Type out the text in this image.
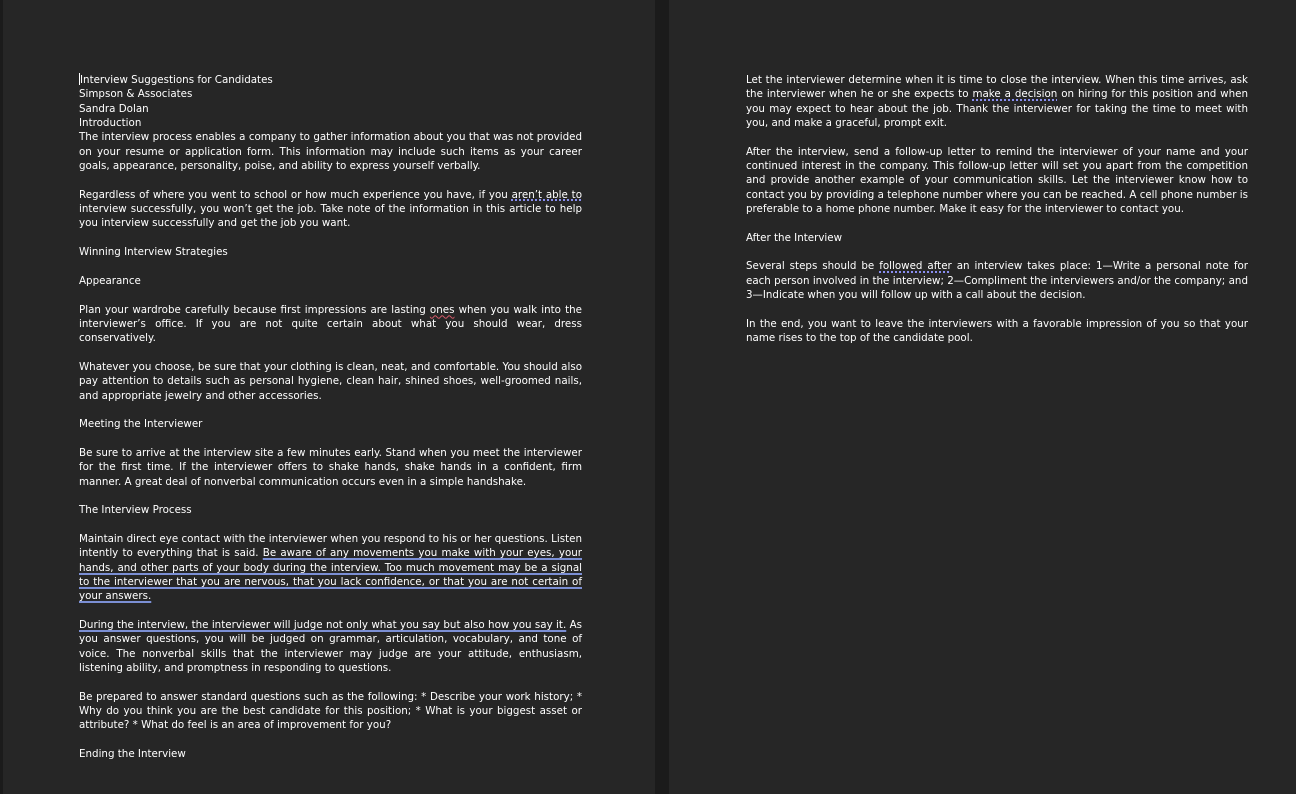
Interview Suggestions for Candidates

Simpson & Associates

Sandra Dolan

Introduction

The interview process enables a company to gather information about you that was not provided on your resume or application form. This information may include such items as your career goals, appearance, personality, poise, and ability to express yourself verbally.

Regardless of where you went to school or how much experience you have, if you aren’t able to interview successfully, you won’t get the job. Take note of the information in this article to help you interview successfully and get the job you want.

Winning Interview Strategies

Appearance

Plan your wardrobe carefully because first impressions are lasting ones when you walk into the interviewer’s office. If you are not quite certain about what you should wear, dress conservatively.

Whatever you choose, be sure that your clothing is clean, neat, and comfortable. You should also pay attention to details such as personal hygiene, clean hair, shined shoes, well-groomed nails, and appropriate jewelry and other accessories.

Meeting the Interviewer

Be sure to arrive at the interview site a few minutes early. Stand when you meet the interviewer for the first time. If the interviewer offers to shake hands, shake hands in a confident, firm manner. A great deal of nonverbal communication occurs even in a simple handshake.

The Interview Process

Maintain direct eye contact with the interviewer when you respond to his or her questions. Listen intently to everything that is said. Be aware of any movements you make with your eyes, your hands, and other parts of your body during the interview. Too much movement may be a signal to the interviewer that you are nervous, that you lack confidence, or that you are not certain of your answers.

During the interview, the interviewer will judge not only what you say but also how you say it. As you answer questions, you will be judged on grammar, articulation, vocabulary, and tone of voice. The nonverbal skills that the interviewer may judge are your attitude, enthusiasm, listening ability, and promptness in responding to questions.

Be prepared to answer standard questions such as the following: * Describe your work history; * Why do you think you are the best candidate for this position; * What is your biggest asset or attribute? * What do feel is an area of improvement for you?

Ending the Interview

Let the interviewer determine when it is time to close the interview. When this time arrives, ask the interviewer when he or she expects to make a decision on hiring for this position and when you may expect to hear about the job. Thank the interviewer for taking the time to meet with you, and make a graceful, prompt exit.

After the interview, send a follow-up letter to remind the interviewer of your name and your continued interest in the company. This follow-up letter will set you apart from the competition and provide another example of your communication skills. Let the interviewer know how to contact you by providing a telephone number where you can be reached. A cell phone number is preferable to a home phone number. Make it easy for the interviewer to contact you.

After the Interview

Several steps should be followed after an interview takes place: 1—Write a personal note for each person involved in the interview; 2—Compliment the interviewers and/or the company; and 3—Indicate when you will follow up with a call about the decision.

In the end, you want to leave the interviewers with a favorable impression of you so that your name rises to the top of the candidate pool.
